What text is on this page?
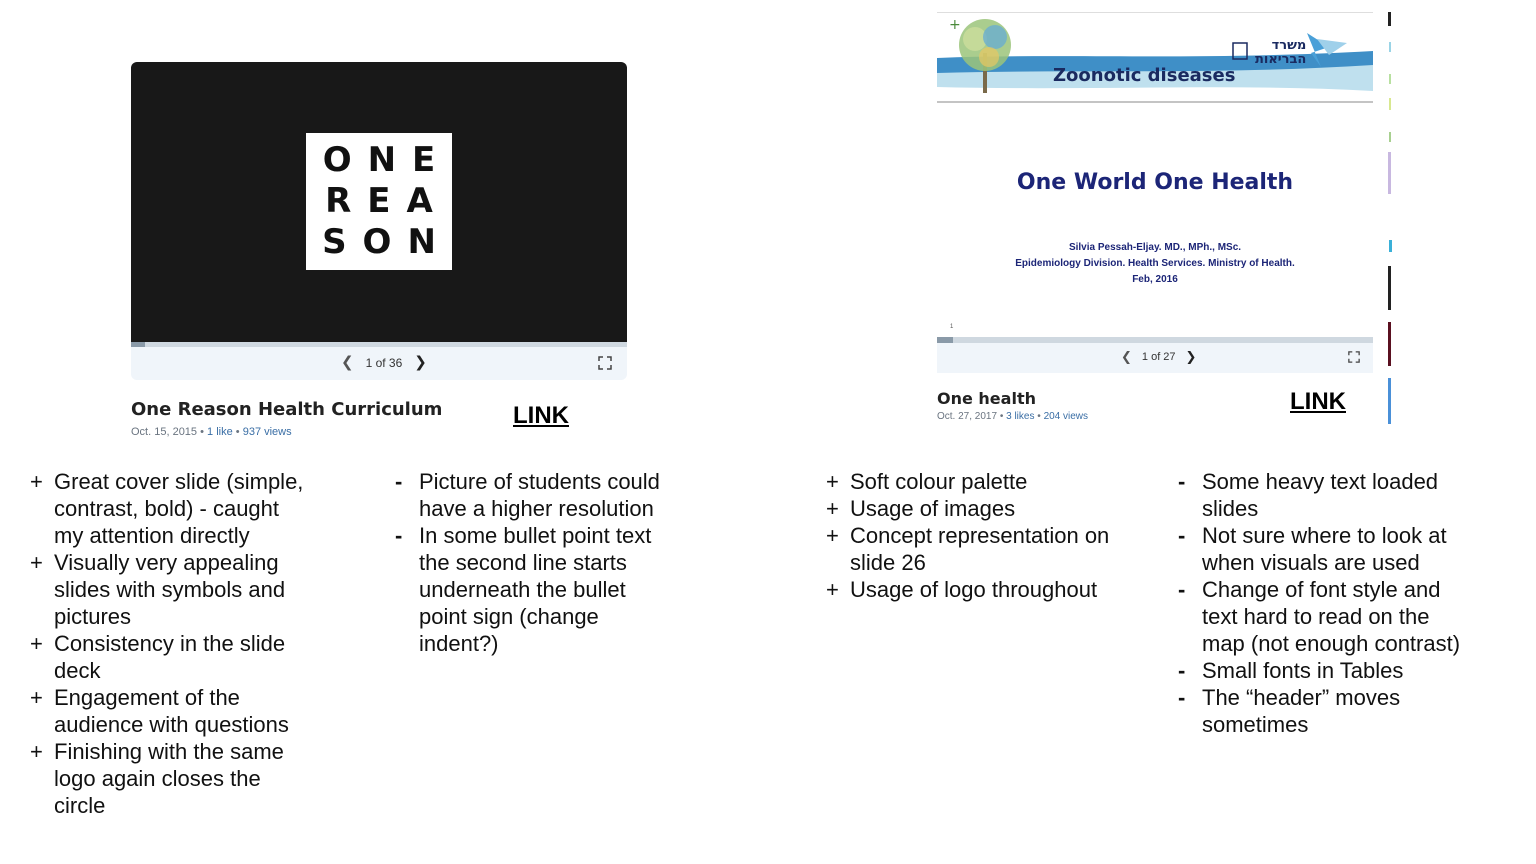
ONE
REA
SON
❮ 1 of 36 ❯
One Reason Health Curriculum
Oct. 15, 2015 • 1 like • 937 views
LINK
+
משרד
הבריאות
Zoonotic diseases
One World One Health
Silvia Pessah-Eljay. MD., MPh., MSc.
Epidemiology Division. Health Services. Ministry of Health.
Feb, 2016
1
❮ 1 of 27 ❯
One health
Oct. 27, 2017 • 3 likes • 204 views
LINK
+ Great cover slide (simple,
contrast, bold) - caught
my attention directly
+ Visually very appealing
slides with symbols and
pictures
+ Consistency in the slide
deck
+ Engagement of the
audience with questions
+ Finishing with the same
logo again closes the
circle
- Picture of students could
have a higher resolution
- In some bullet point text
the second line starts
underneath the bullet
point sign (change
indent?)
+ Soft colour palette
+ Usage of images
+ Concept representation on
slide 26
+ Usage of logo throughout
- Some heavy text loaded
slides
- Not sure where to look at
when visuals are used
- Change of font style and
text hard to read on the
map (not enough contrast)
- Small fonts in Tables
- The “header” moves
sometimes
